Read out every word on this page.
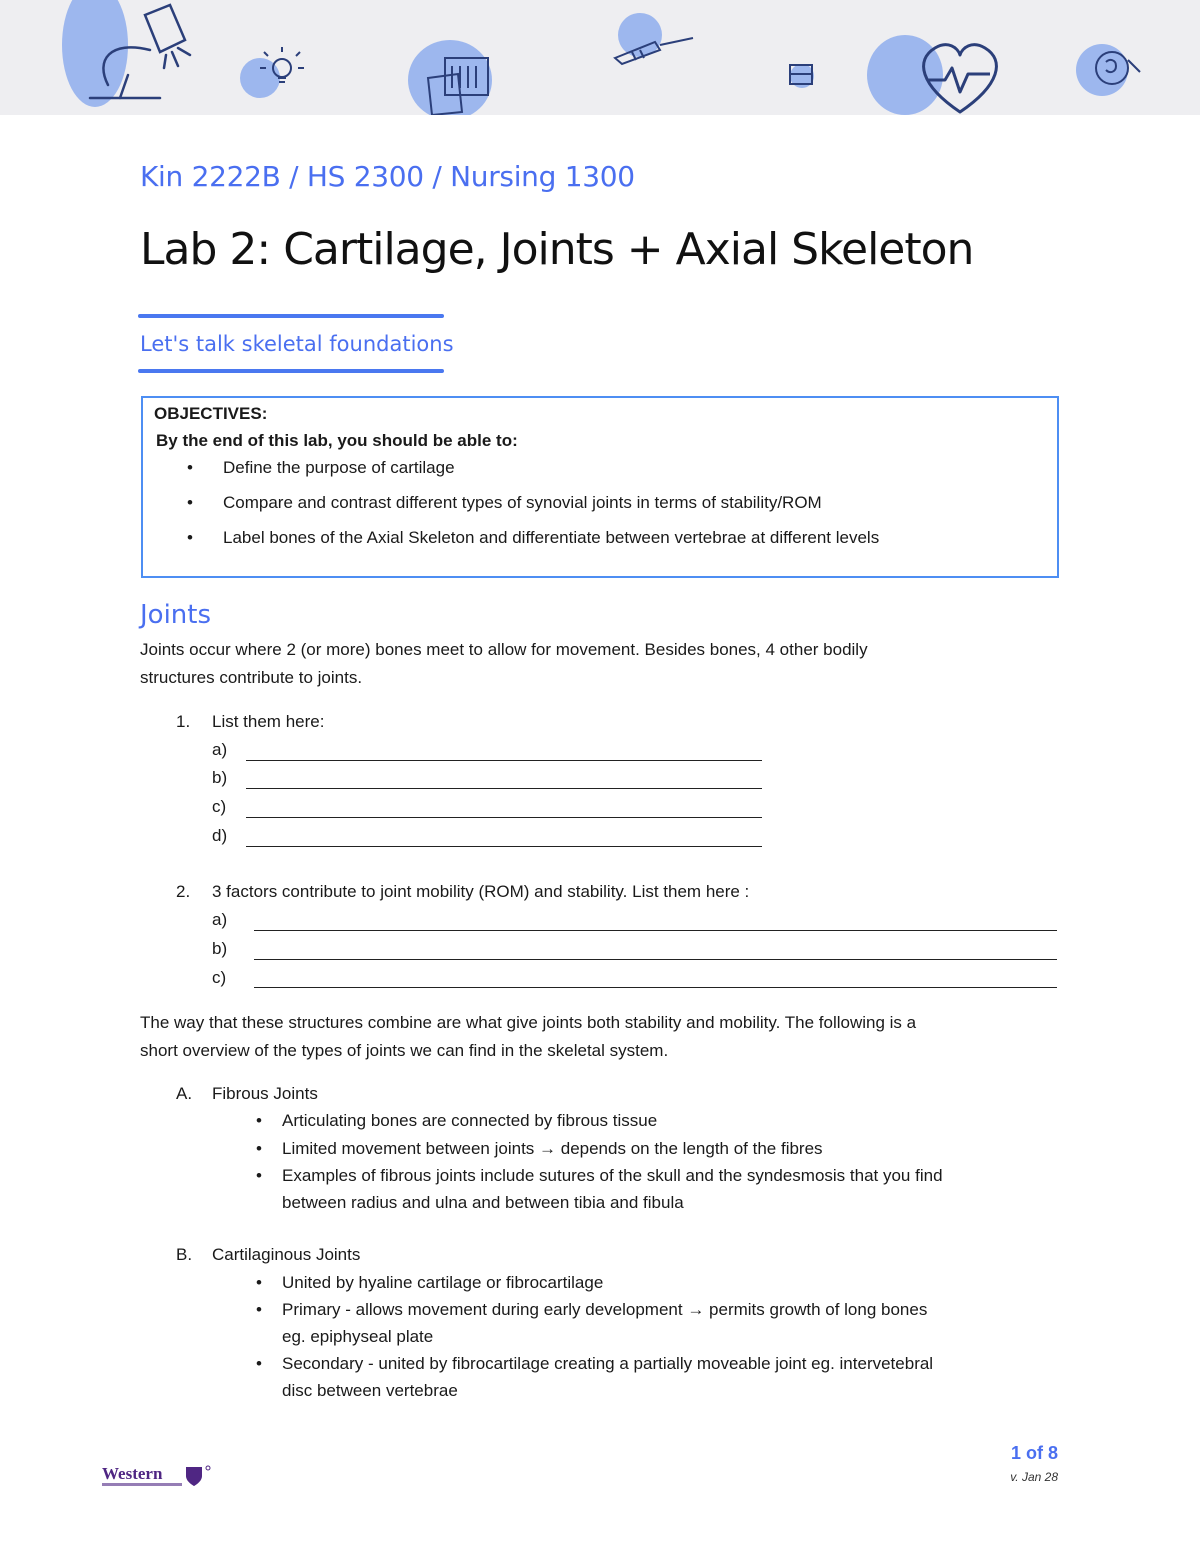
Kin 2222B / HS 2300 / Nursing 1300
Lab 2: Cartilage, Joints + Axial Skeleton
Let's talk skeletal foundations
OBJECTIVES:
By the end of this lab, you should be able to:
• Define the purpose of cartilage
• Compare and contrast different types of synovial joints in terms of stability/ROM
• Label bones of the Axial Skeleton and differentiate between vertebrae at different levels
Joints
Joints occur where 2 (or more) bones meet to allow for movement. Besides bones, 4 other bodily
structures contribute to joints.
1. List them here:
a)
b)
c)
d)
2. 3 factors contribute to joint mobility (ROM) and stability. List them here :
a)
b)
c)
The way that these structures combine are what give joints both stability and mobility. The following is a
short overview of the types of joints we can find in the skeletal system.
A. Fibrous Joints
• Articulating bones are connected by fibrous tissue
• Limited movement between joints → depends on the length of the fibres
• Examples of fibrous joints include sutures of the skull and the syndesmosis that you find
between radius and ulna and between tibia and fibula
B. Cartilaginous Joints
• United by hyaline cartilage or fibrocartilage
• Primary - allows movement during early development → permits growth of long bones
eg. epiphyseal plate
• Secondary - united by fibrocartilage creating a partially moveable joint eg. intervetebral
disc between vertebrae
Western
1 of 8
v. Jan 28
